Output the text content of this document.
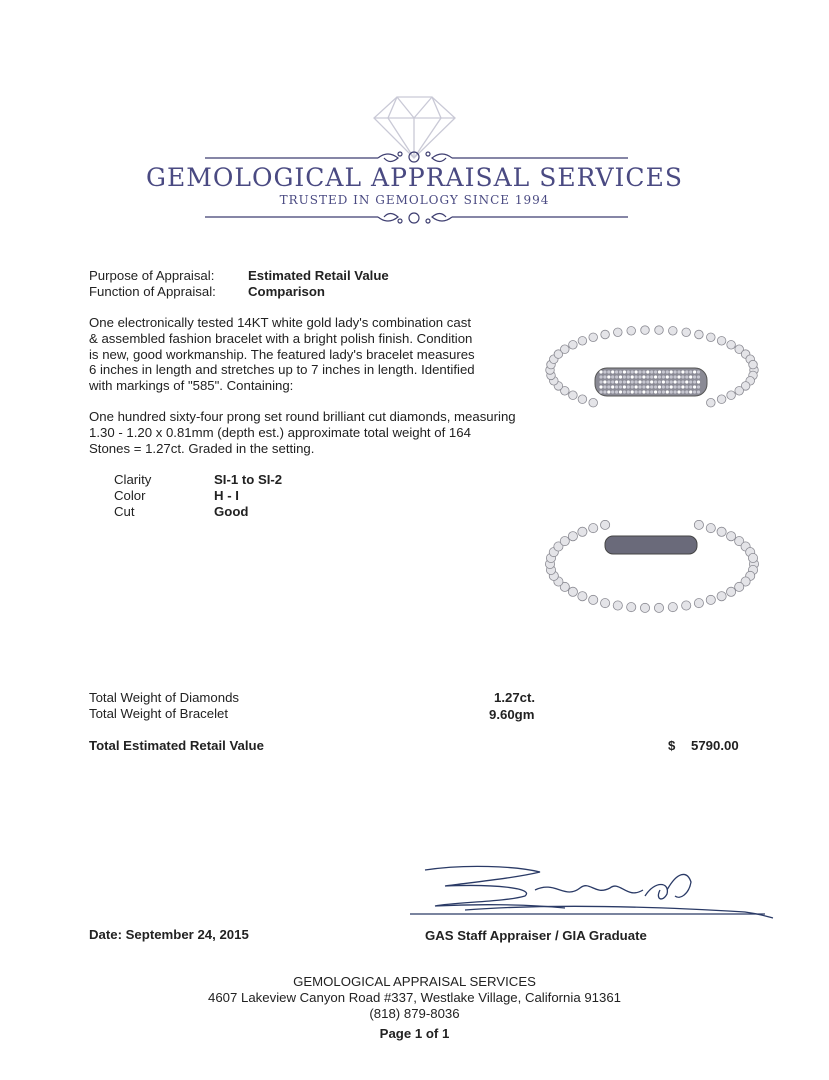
GEMOLOGICAL APPRAISAL SERVICES
TRUSTED IN GEMOLOGY SINCE 1994
Purpose of Appraisal:	Estimated Retail Value
Function of Appraisal: Comparison
One electronically tested 14KT white gold lady's combination cast
& assembled fashion bracelet with a bright polish finish. Condition
is new, good workmanship. The featured lady's bracelet measures
6 inches in length and stretches up to 7 inches in length. Identified
with markings of "585". Containing:
One hundred sixty-four prong set round brilliant cut diamonds, measuring
1.30 - 1.20 x 0.81mm (depth est.) approximate total weight of 164
Stones = 1.27ct. Graded in the setting.
Clarity	SI-1 to SI-2
Color	H - I
Cut	Good
Total Weight of Diamonds	1.27ct.
Total Weight of Bracelet	9.60gm
Total Estimated Retail Value	$ 5790.00
Date: September 24, 2015	GAS Staff Appraiser / GIA Graduate
GEMOLOGICAL APPRAISAL SERVICES
4607 Lakeview Canyon Road #337, Westlake Village, California 91361
(818) 879-8036
Page 1 of 1
